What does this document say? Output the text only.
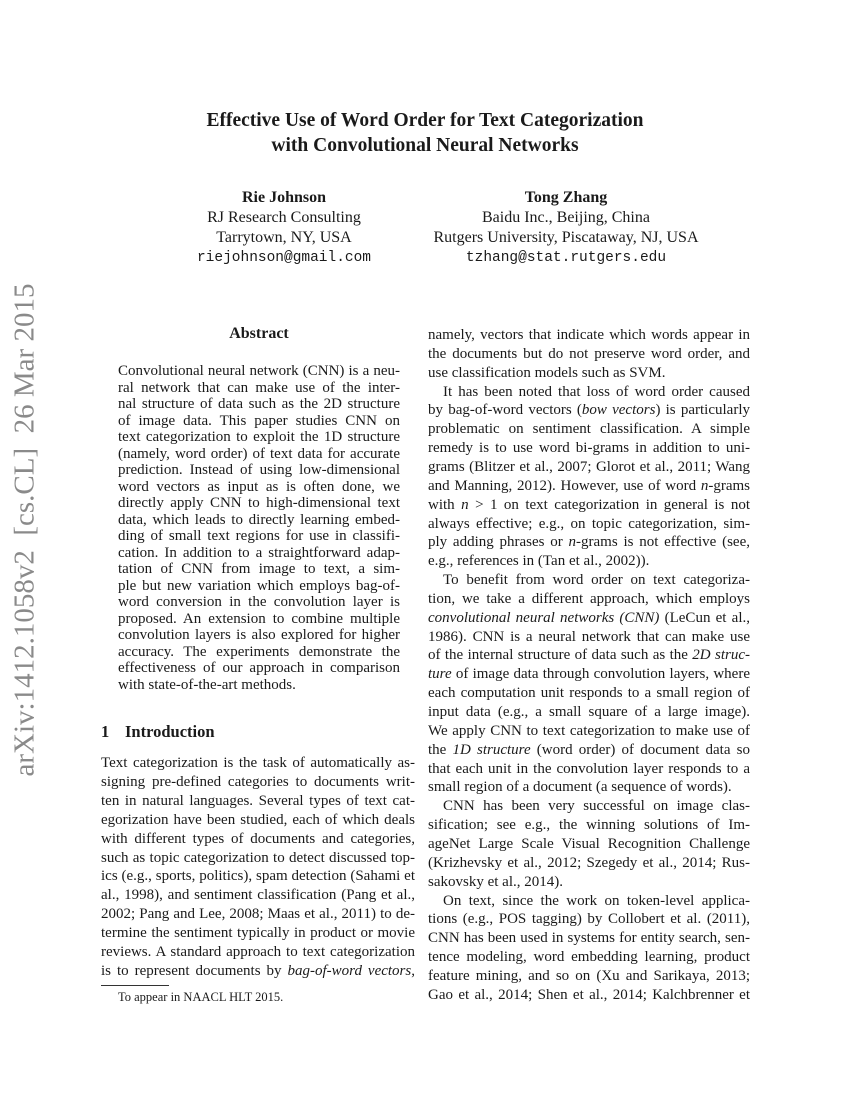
arXiv:1412.1058v2  [cs.CL]  26 Mar 2015
Effective Use of Word Order for Text Categorization
with Convolutional Neural Networks
Rie Johnson
RJ Research Consulting
Tarrytown, NY, USA
riejohnson@gmail.com
Tong Zhang
Baidu Inc., Beijing, China
Rutgers University, Piscataway, NJ, USA
tzhang@stat.rutgers.edu
Abstract
Convolutional neural network (CNN) is a neu-
ral network that can make use of the inter-
nal structure of data such as the 2D structure
of image data. This paper studies CNN on
text categorization to exploit the 1D structure
(namely, word order) of text data for accurate
prediction. Instead of using low-dimensional
word vectors as input as is often done, we
directly apply CNN to high-dimensional text
data, which leads to directly learning embed-
ding of small text regions for use in classifi-
cation. In addition to a straightforward adap-
tation of CNN from image to text, a sim-
ple but new variation which employs bag-of-
word conversion in the convolution layer is
proposed. An extension to combine multiple
convolution layers is also explored for higher
accuracy. The experiments demonstrate the
effectiveness of our approach in comparison
with state-of-the-art methods.
1 Introduction
Text categorization is the task of automatically as-
signing pre-defined categories to documents writ-
ten in natural languages. Several types of text cat-
egorization have been studied, each of which deals
with different types of documents and categories,
such as topic categorization to detect discussed top-
ics (e.g., sports, politics), spam detection (Sahami et
al., 1998), and sentiment classification (Pang et al.,
2002; Pang and Lee, 2008; Maas et al., 2011) to de-
termine the sentiment typically in product or movie
reviews. A standard approach to text categorization
is to represent documents by bag-of-word vectors,
namely, vectors that indicate which words appear in
the documents but do not preserve word order, and
use classification models such as SVM.
It has been noted that loss of word order caused
by bag-of-word vectors (bow vectors) is particularly
problematic on sentiment classification. A simple
remedy is to use word bi-grams in addition to uni-
grams (Blitzer et al., 2007; Glorot et al., 2011; Wang
and Manning, 2012). However, use of word n-grams
with n > 1 on text categorization in general is not
always effective; e.g., on topic categorization, sim-
ply adding phrases or n-grams is not effective (see,
e.g., references in (Tan et al., 2002)).
To benefit from word order on text categoriza-
tion, we take a different approach, which employs
convolutional neural networks (CNN) (LeCun et al.,
1986). CNN is a neural network that can make use
of the internal structure of data such as the 2D struc-
ture of image data through convolution layers, where
each computation unit responds to a small region of
input data (e.g., a small square of a large image).
We apply CNN to text categorization to make use of
the 1D structure (word order) of document data so
that each unit in the convolution layer responds to a
small region of a document (a sequence of words).
CNN has been very successful on image clas-
sification; see e.g., the winning solutions of Im-
ageNet Large Scale Visual Recognition Challenge
(Krizhevsky et al., 2012; Szegedy et al., 2014; Rus-
sakovsky et al., 2014).
On text, since the work on token-level applica-
tions (e.g., POS tagging) by Collobert et al. (2011),
CNN has been used in systems for entity search, sen-
tence modeling, word embedding learning, product
feature mining, and so on (Xu and Sarikaya, 2013;
Gao et al., 2014; Shen et al., 2014; Kalchbrenner et
To appear in NAACL HLT 2015.
